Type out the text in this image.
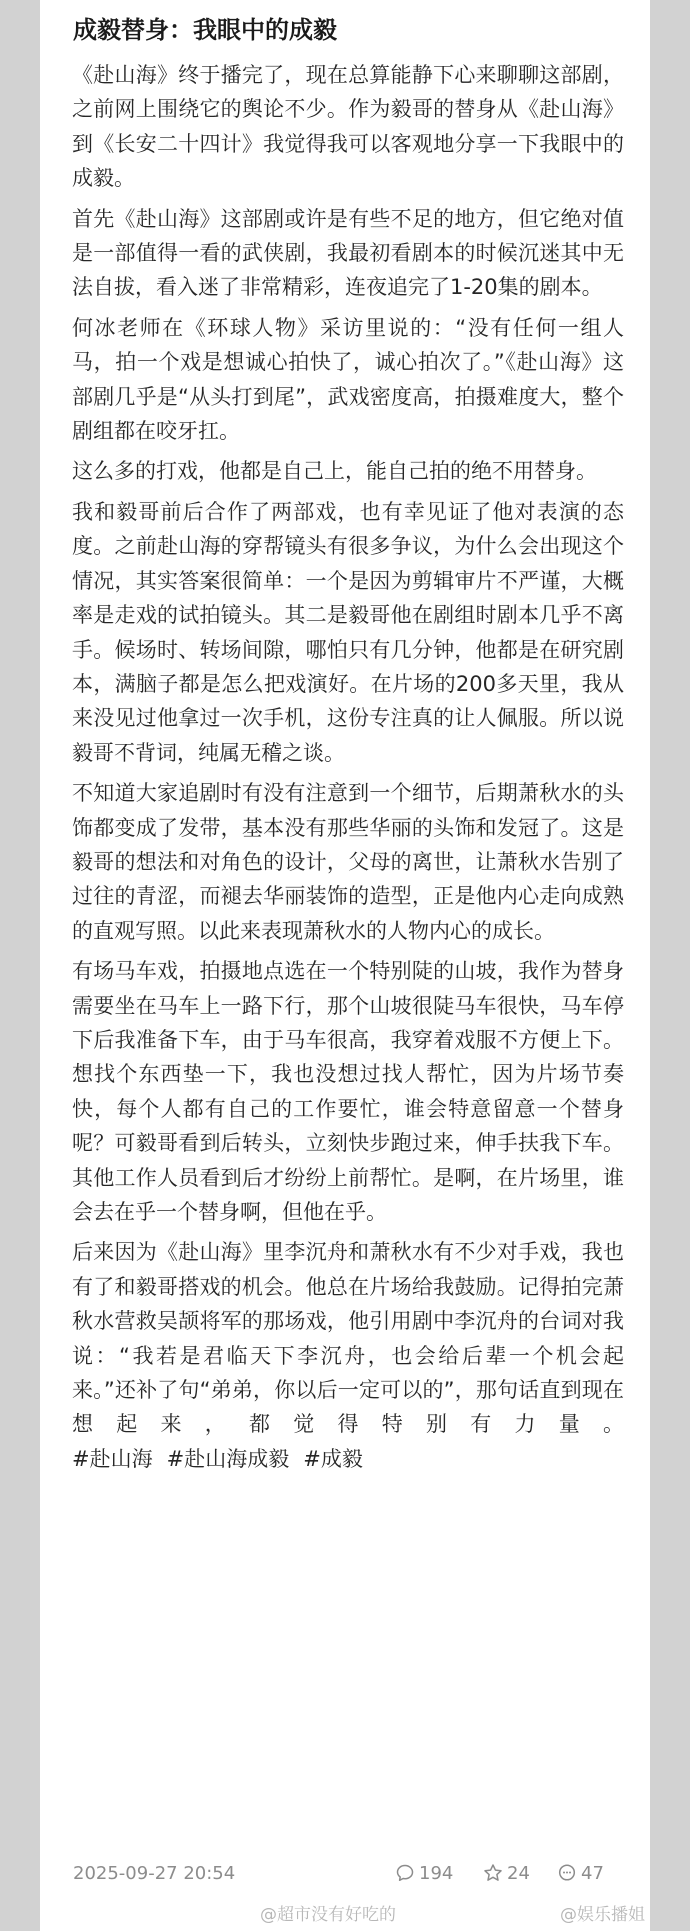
成毅替身：我眼中的成毅

《赴山海》终于播完了，现在总算能静下心来聊聊这部剧，之前网上围绕它的舆论不少。作为毅哥的替身从《赴山海》到《长安二十四计》我觉得我可以客观地分享一下我眼中的成毅。

首先《赴山海》这部剧或许是有些不足的地方，但它绝对值是一部值得一看的武侠剧，我最初看剧本的时候沉迷其中无法自拔，看入迷了非常精彩，连夜追完了1-20集的剧本。

何冰老师在《环球人物》采访里说的：“没有任何一组人马，拍一个戏是想诚心拍快了，诚心拍次了。”《赴山海》这部剧几乎是“从头打到尾”，武戏密度高，拍摄难度大，整个剧组都在咬牙扛。

这么多的打戏，他都是自己上，能自己拍的绝不用替身。

我和毅哥前后合作了两部戏，也有幸见证了他对表演的态度。之前赴山海的穿帮镜头有很多争议，为什么会出现这个情况，其实答案很简单：一个是因为剪辑审片不严谨，大概率是走戏的试拍镜头。其二是毅哥他在剧组时剧本几乎不离手。候场时、转场间隙，哪怕只有几分钟，他都是在研究剧本，满脑子都是怎么把戏演好。在片场的200多天里，我从来没见过他拿过一次手机，这份专注真的让人佩服。所以说毅哥不背词，纯属无稽之谈。

不知道大家追剧时有没有注意到一个细节，后期萧秋水的头饰都变成了发带，基本没有那些华丽的头饰和发冠了。这是毅哥的想法和对角色的设计，父母的离世，让萧秋水告别了过往的青涩，而褪去华丽装饰的造型，正是他内心走向成熟的直观写照。以此来表现萧秋水的人物内心的成长。

有场马车戏，拍摄地点选在一个特别陡的山坡，我作为替身需要坐在马车上一路下行，那个山坡很陡马车很快，马车停下后我准备下车，由于马车很高，我穿着戏服不方便上下。想找个东西垫一下，我也没想过找人帮忙，因为片场节奏快，每个人都有自己的工作要忙，谁会特意留意一个替身呢？可毅哥看到后转头，立刻快步跑过来，伸手扶我下车。其他工作人员看到后才纷纷上前帮忙。是啊，在片场里，谁会去在乎一个替身啊，但他在乎。

后来因为《赴山海》里李沉舟和萧秋水有不少对手戏，我也有了和毅哥搭戏的机会。他总在片场给我鼓励。记得拍完萧秋水营救吴颉将军的那场戏，他引用剧中李沉舟的台词对我说：“我若是君临天下李沉舟，也会给后辈一个机会起来。”还补了句“弟弟，你以后一定可以的”，那句话直到现在想起来，都觉得特别有力量。#赴山海 #赴山海成毅 #成毅

2025-09-27 20:54	194	24	47
@超市没有好吃的	@娱乐播姐
